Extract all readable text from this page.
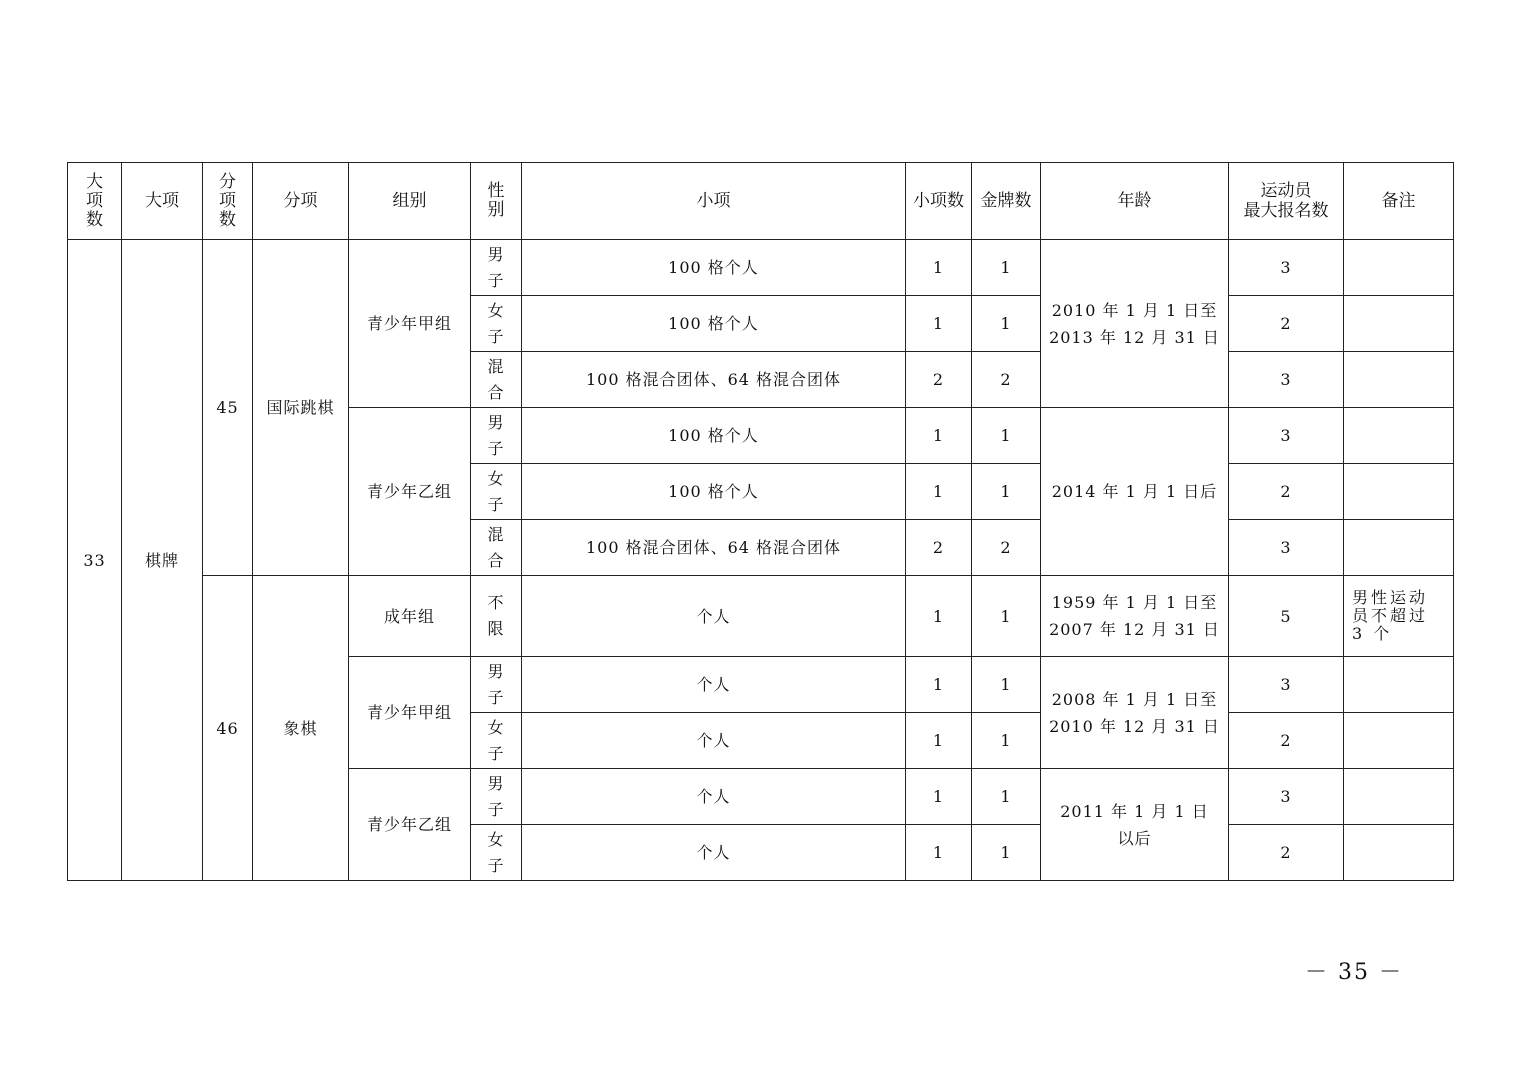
大项数	大项	分项数	分项	组别	性别	小项	小项数	金牌数	年龄	运动员
最大报名数	备注
33	棋牌	45	国际跳棋	青少年甲组	男子	100 格个人	1	1	2010 年 1 月 1 日至
2013 年 12 月 31 日	3	
					女子	100 格个人	1	1		2	
					混合	100 格混合团体、64 格混合团体	2	2		3	
				青少年乙组	男子	100 格个人	1	1	2014 年 1 月 1 日后	3	
					女子	100 格个人	1	1		2	
					混合	100 格混合团体、64 格混合团体	2	2		3	
		46	象棋	成年组	不限	个人	1	1	1959 年 1 月 1 日至
2007 年 12 月 31 日	5	男性运动员不超过 3 个
				青少年甲组	男子	个人	1	1	2008 年 1 月 1 日至
2010 年 12 月 31 日	3	
					女子	个人	1	1		2	
				青少年乙组	男子	个人	1	1	2011 年 1 月 1 日
以后	3	
					女子	个人	1	1		2	
－ 35 －
